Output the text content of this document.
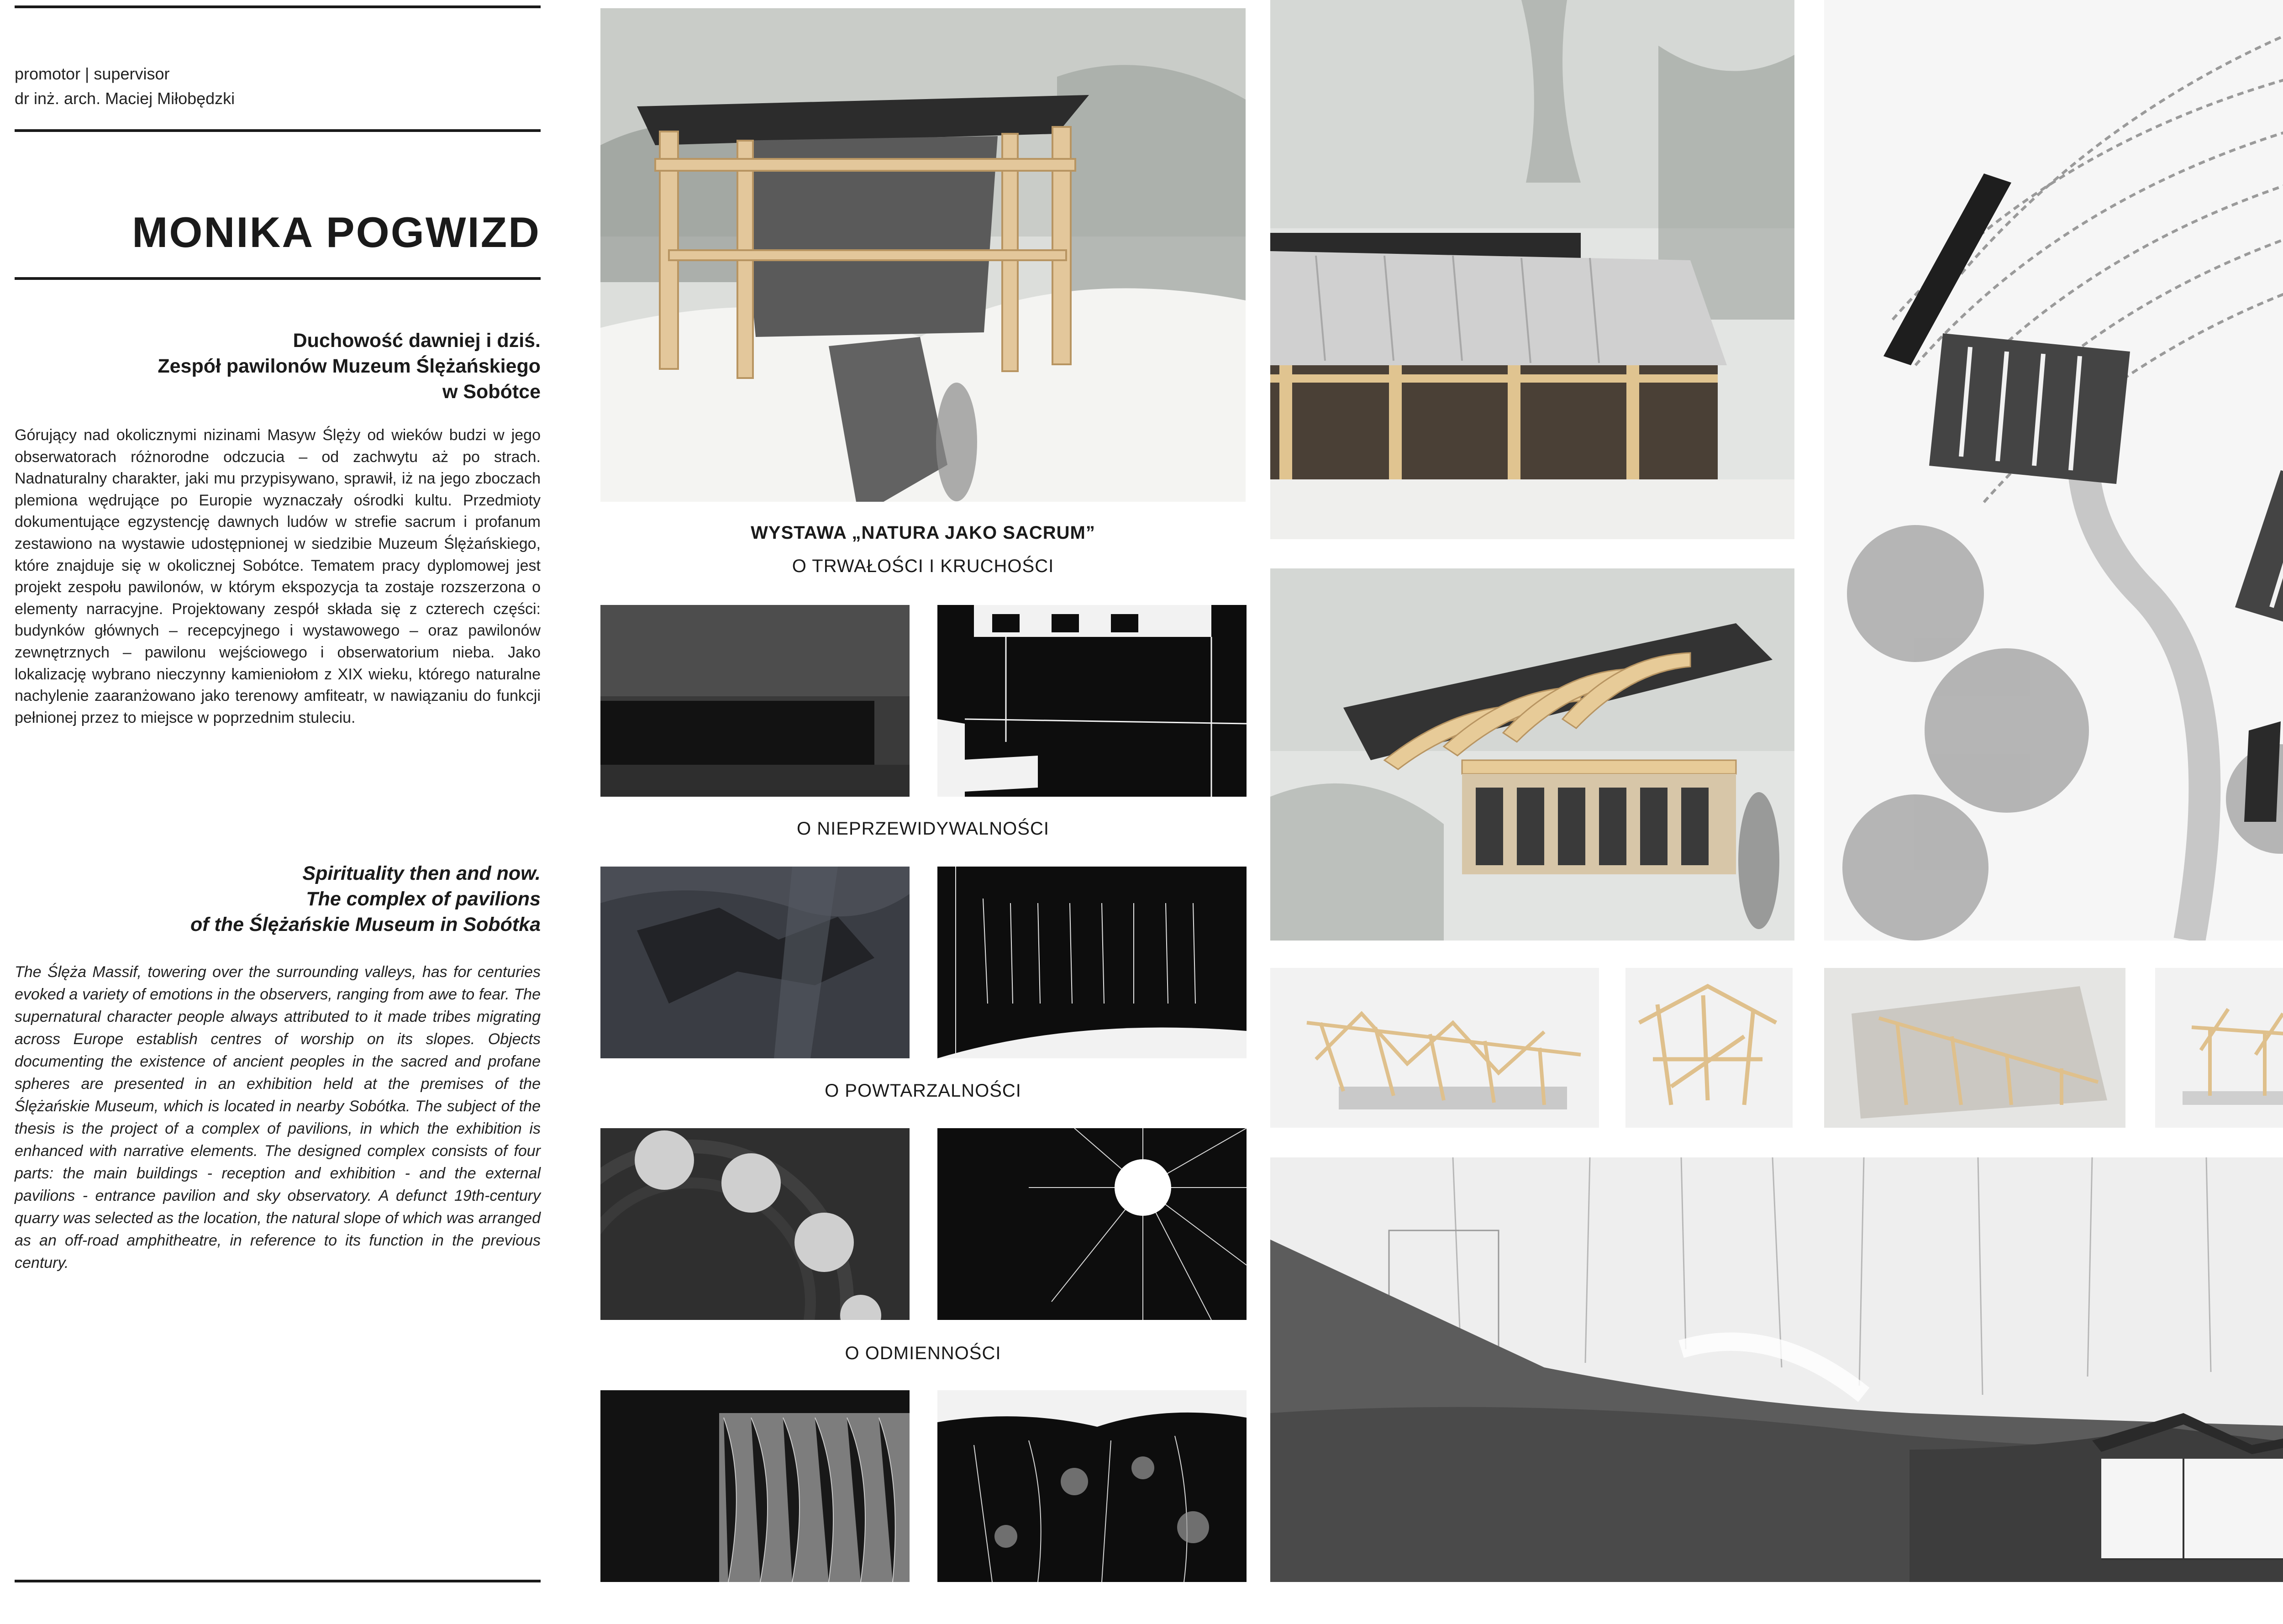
promotor | supervisor
dr inż. arch. Maciej Miłobędzki
MONIKA POGWIZD
Duchowość dawniej i dziś.
Zespół pawilonów Muzeum Ślężańskiego
w Sobótce
Górujący nad okolicznymi nizinami Masyw Ślęży od wieków budzi w jego obserwatorach różnorodne odczucia – od zachwytu aż po strach. Nadnaturalny charakter, jaki mu przypisywano, sprawił, iż na jego zboczach plemiona wędrujące po Europie wyznaczały ośrodki kultu. Przedmioty dokumentujące egzystencję dawnych ludów w strefie sacrum i profanum zestawiono na wystawie udostępnionej w siedzibie Muzeum Ślężańskiego, które znajduje się w okolicznej Sobótce. Tematem pracy dyplomowej jest projekt zespołu pawilonów, w którym ekspozycja ta zostaje rozszerzona o elementy narracyjne. Projektowany zespół składa się z czterech części: budynków głównych – recepcyjnego i wystawowego – oraz pawilonów zewnętrznych – pawilonu wejściowego i obserwatorium nieba. Jako lokalizację wybrano nieczynny kamieniołom z XIX wieku, którego naturalne nachylenie zaaranżowano jako terenowy amfiteatr, w nawiązaniu do funkcji pełnionej przez to miejsce w poprzednim stuleciu.
Spirituality then and now.
The complex of pavilions
of the Ślężańskie Museum in Sobótka
The Ślęża Massif, towering over the surrounding valleys, has for centuries evoked a variety of emotions in the observers, ranging from awe to fear. The supernatural character people always attributed to it made tribes migrating across Europe establish centres of worship on its slopes. Objects documenting the existence of ancient peoples in the sacred and profane spheres are presented in an exhibition held at the premises of the Ślężańskie Museum, which is located in nearby Sobótka. The subject of the thesis is the project of a complex of pavilions, in which the exhibition is enhanced with narrative elements. The designed complex consists of four parts: the main buildings - reception and exhibition - and the external pavilions - entrance pavilion and sky observatory. A defunct 19th-century quarry was selected as the location, the natural slope of which was arranged as an off-road amphitheatre, in reference to its function in the previous century.
WYSTAWA „NATURA JAKO SACRUM”
O TRWAŁOŚCI I KRUCHOŚCI
O NIEPRZEWIDYWALNOŚCI
O POWTARZALNOŚCI
O ODMIENNOŚCI
